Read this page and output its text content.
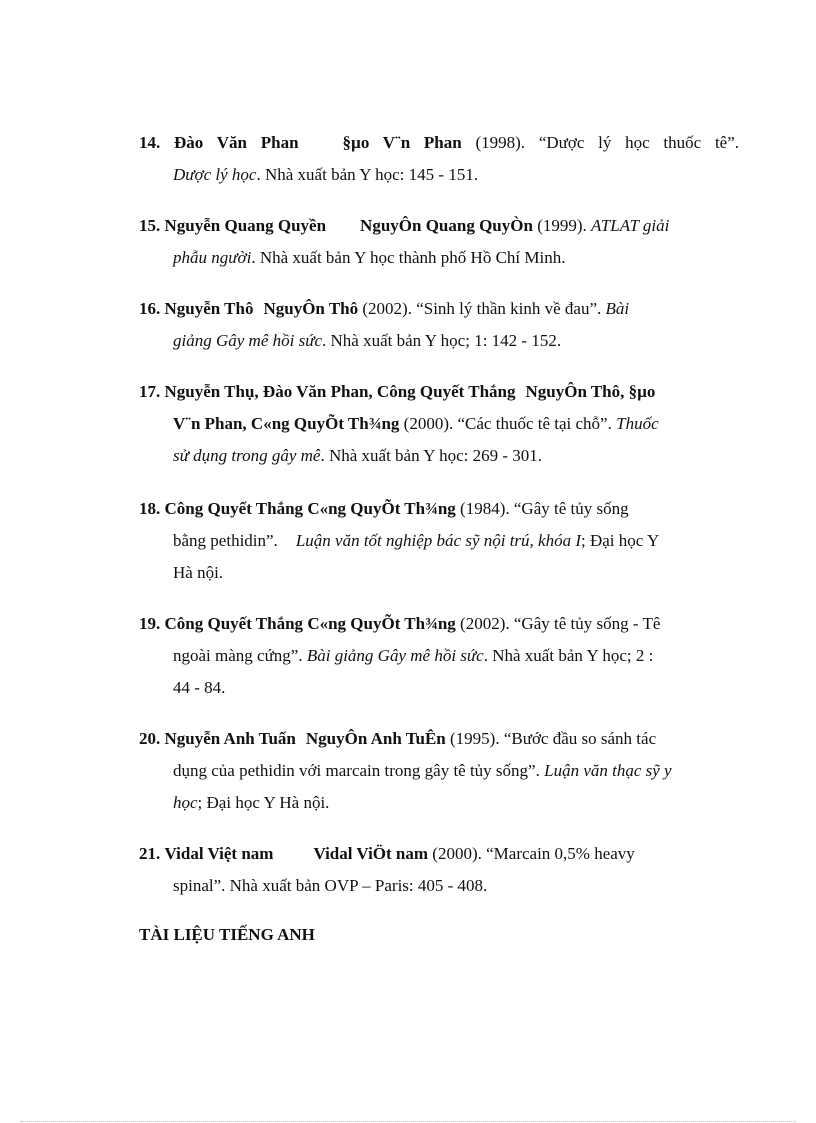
14. Đào Văn Phan	§µo V¨n Phan (1998). “Dược lý học thuốc tê”.
Dược lý học. Nhà xuất bản Y học: 145 - 151.
15. Nguyễn Quang Quyền NguyÔn Quang QuyÒn (1999). ATLAT giải
phẫu người. Nhà xuất bản Y học thành phố Hồ Chí Minh.
16. Nguyễn Thô NguyÔn Thô (2002). “Sinh lý thần kinh về đau”. Bài
giảng Gây mê hồi sức. Nhà xuất bản Y học; 1: 142 - 152.
17. Nguyễn Thụ, Đào Văn Phan, Công Quyết Thắng NguyÔn Thô, §µo
V¨n Phan, C«ng QuyÕt Th¾ng (2000). “Các thuốc tê tại chỗ”. Thuốc
sử dụng trong gây mê. Nhà xuất bản Y học: 269 - 301.
18. Công Quyết Thắng C«ng QuyÕt Th¾ng (1984). “Gây tê tủy sống
bằng pethidin”. Luận văn tốt nghiệp bác sỹ nội trú, khóa I; Đại học Y
Hà nội.
19. Công Quyết Thắng C«ng QuyÕt Th¾ng (2002). “Gây tê tủy sống - Tê
ngoài màng cứng”. Bài giảng Gây mê hồi sức. Nhà xuất bản Y học; 2 :
44 - 84.
20. Nguyễn Anh Tuấn NguyÔn Anh TuÊn (1995). “Bước đầu so sánh tác
dụng của pethidin với marcain trong gây tê tủy sống”. Luận văn thạc sỹ y
học; Đại học Y Hà nội.
21. Vidal Việt nam Vidal ViÖt nam (2000). “Marcain 0,5% heavy
spinal”. Nhà xuất bản OVP – Paris: 405 - 408.
TÀI LIỆU TIẾNG ANH
